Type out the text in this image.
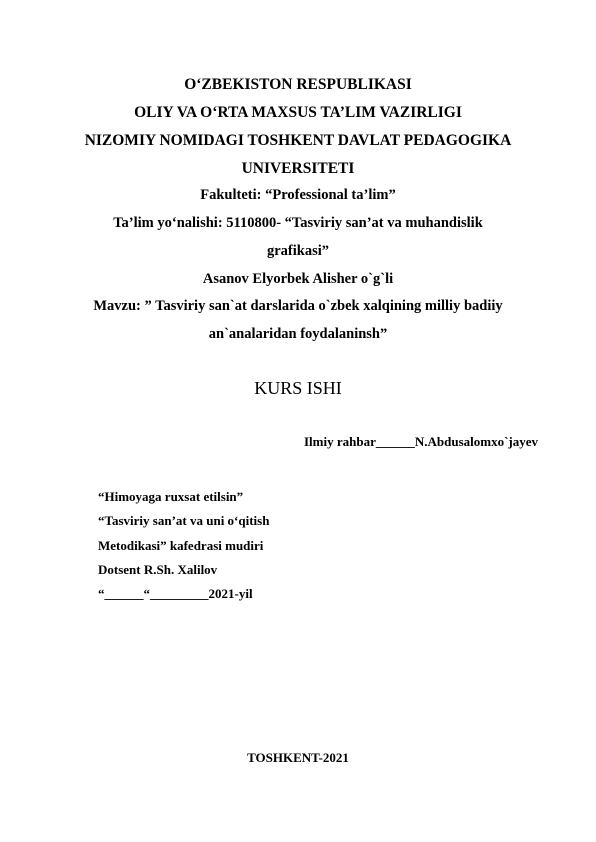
O‘ZBEKISTON RESPUBLIKASI
OLIY VA O‘RTA MAXSUS TA’LIM VAZIRLIGI
NIZOMIY NOMIDAGI TOSHKENT DAVLAT PEDAGOGIKA
UNIVERSITETI
Fakulteti: “Professional ta’lim”
Ta’lim yo‘nalishi: 5110800- “Tasviriy san’at va muhandislik
grafikasi”
Asanov Elyorbek Alisher o`g`li
Mavzu: ” Tasviriy san`at darslarida o`zbek xalqining milliy badiiy
an`analaridan foydalaninsh”
KURS ISHI
Ilmiy rahbar______N.Abdusalomxo`jayev
“Himoyaga ruxsat etilsin”
“Tasviriy san’at va uni o‘qitish
Metodikasi” kafedrasi mudiri
Dotsent R.Sh. Xalilov
“______“_________2021-yil
TOSHKENT-2021
